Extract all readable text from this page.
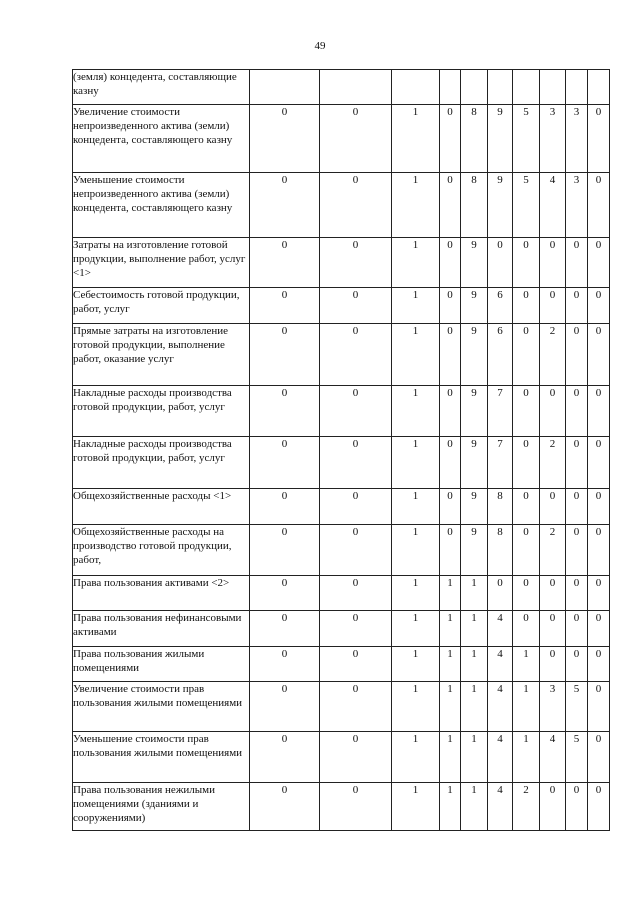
49
(земля) концедента, составляющие казну										
Увеличение стоимости непроизведенного актива (земли) концедента, составляющего казну	0	0	1	0	8	9	5	3	3	0
Уменьшение стоимости непроизведенного актива (земли) концедента, составляющего казну	0	0	1	0	8	9	5	4	3	0
Затраты на изготовление готовой продукции, выполнение работ, услуг <1>	0	0	1	0	9	0	0	0	0	0
Себестоимость готовой продукции, работ, услуг	0	0	1	0	9	6	0	0	0	0
Прямые затраты на изготовление готовой продукции, выполнение работ, оказание услуг	0	0	1	0	9	6	0	2	0	0
Накладные расходы производства готовой продукции, работ, услуг	0	0	1	0	9	7	0	0	0	0
Накладные расходы производства готовой продукции, работ, услуг	0	0	1	0	9	7	0	2	0	0
Общехозяйственные расходы <1>	0	0	1	0	9	8	0	0	0	0
Общехозяйственные расходы на производство готовой продукции, работ,	0	0	1	0	9	8	0	2	0	0
Права пользования активами <2>	0	0	1	1	1	0	0	0	0	0
Права пользования нефинансовыми активами	0	0	1	1	1	4	0	0	0	0
Права пользования жилыми помещениями	0	0	1	1	1	4	1	0	0	0
Увеличение стоимости прав пользования жилыми помещениями	0	0	1	1	1	4	1	3	5	0
Уменьшение стоимости прав пользования жилыми помещениями	0	0	1	1	1	4	1	4	5	0
Права пользования нежилыми помещениями (зданиями и сооружениями)	0	0	1	1	1	4	2	0	0	0
